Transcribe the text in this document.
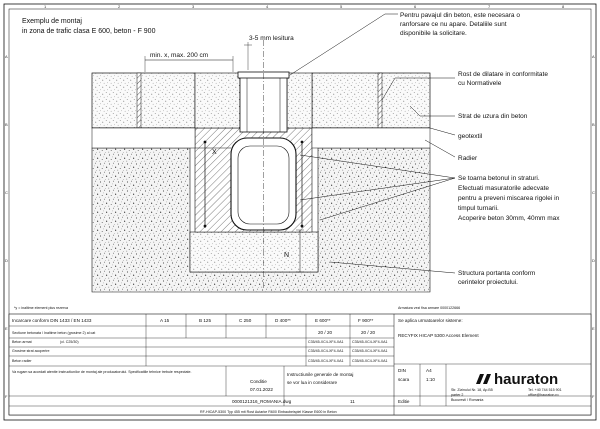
1	2	3	4	5	6	7	8
A
B
C
D
E
F
A
B
C
D
E
F
Exemplu de montaj
in zona de trafic clasa E 600, beton - F 900
min. x, max. 200 cm
3-5 mm lesitura
X
N
Pentru pavajul din beton, este necesara o
ranforsare ce nu apare. Detaliile sunt
disponibile la solicitare.
Rost de dilatare in conformitate
cu Normativele
Strat de uzura din beton
geotextil
Radier
Se toarna betonul in straturi.
Efectuati masuratorile adecvate
pentru a preveni miscarea rigolei in
timpul turnarii.
Acoperire beton 30mm, 40mm max
Structura portanta conform
cerintelor proiectului.
*y = inaltime element plus rezerva	Armatura vezi fisa armare 0000122666
Incarcare conform DIN 1433 / EN 1433	A 15	B 125	C 250	D 400**	E 600**	F 900**
Sectiune betonata / Inaltime beton (grosime 2) al cat	20 / 20	20 / 20
Beton armat	(cl. C25/30)	C35/45-XC4-XF4-XA1 C35/45-XC4-XF4-XA1
Grosime strat acoperire	C35/45-XC4-XF4-XA1 C35/45-XC4-XF4-XA1
Beton radier	C35/45-XC4-XF4-XA1 C35/45-XC4-XF4-XA1
Va rugam sa acordati atentie instructiunilor de montaj ale producatorului. Specificatiile tehnice trebuie respectate.
Conditie
07.01.2022
Instructiunile generale de montaj
se vor lua in considerare
0000121316_ROMANIA.dwg	11
RF-HICAP-5300 Typ 455 mit Rost Autarke R600 Einbaubeispiel Klasse E600 in Beton
Se aplica urmatoarelor sisteme:
RECYFIX HICAP 5300 Access Element
DIN	A4
scara	1:10
Editie
hauraton
Str. Zizinului Nr. 18, Ap.B5
parter 2
Bucuresti / Romania
Tel. +40 744 515 901
office@hauraton.ro
